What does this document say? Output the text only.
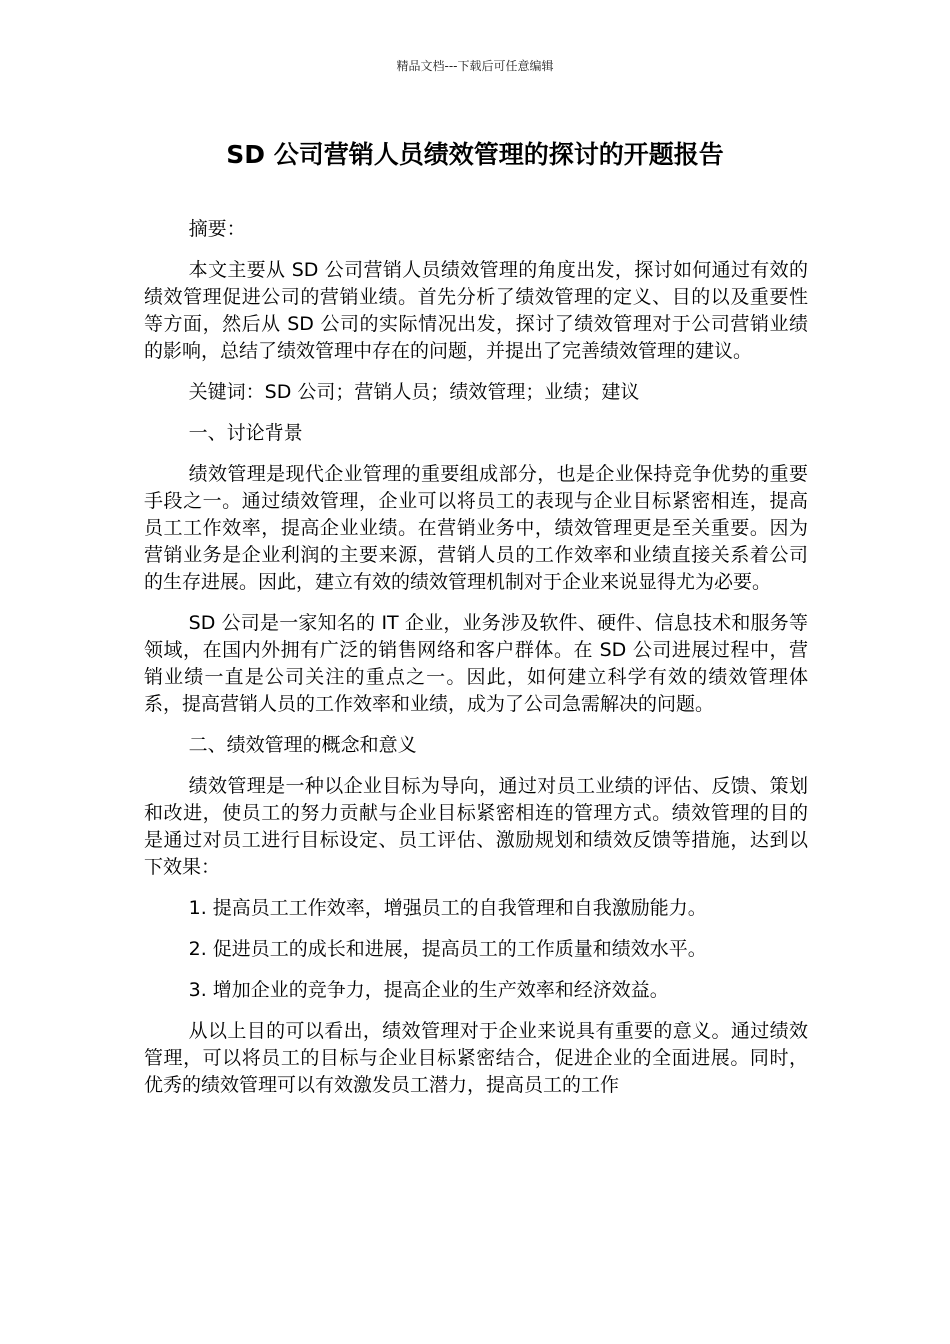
精品文档---下载后可任意编辑
SD 公司营销人员绩效管理的探讨的开题报告

摘要：

本文主要从 SD 公司营销人员绩效管理的角度出发，探讨如何通过有效的绩效管理促进公司的营销业绩。首先分析了绩效管理的定义、目的以及重要性等方面，然后从 SD 公司的实际情况出发，探讨了绩效管理对于公司营销业绩的影响，总结了绩效管理中存在的问题，并提出了完善绩效管理的建议。

关键词：SD 公司；营销人员；绩效管理；业绩；建议

一、讨论背景

绩效管理是现代企业管理的重要组成部分，也是企业保持竞争优势的重要手段之一。通过绩效管理，企业可以将员工的表现与企业目标紧密相连，提高员工工作效率，提高企业业绩。在营销业务中，绩效管理更是至关重要。因为营销业务是企业利润的主要来源，营销人员的工作效率和业绩直接关系着公司的生存进展。因此，建立有效的绩效管理机制对于企业来说显得尤为必要。

SD 公司是一家知名的 IT 企业，业务涉及软件、硬件、信息技术和服务等领域，在国内外拥有广泛的销售网络和客户群体。在 SD 公司进展过程中，营销业绩一直是公司关注的重点之一。因此，如何建立科学有效的绩效管理体系，提高营销人员的工作效率和业绩，成为了公司急需解决的问题。

二、绩效管理的概念和意义

绩效管理是一种以企业目标为导向，通过对员工业绩的评估、反馈、策划和改进，使员工的努力贡献与企业目标紧密相连的管理方式。绩效管理的目的是通过对员工进行目标设定、员工评估、激励规划和绩效反馈等措施，达到以下效果：

1. 提高员工工作效率，增强员工的自我管理和自我激励能力。

2. 促进员工的成长和进展，提高员工的工作质量和绩效水平。

3. 增加企业的竞争力，提高企业的生产效率和经济效益。

从以上目的可以看出，绩效管理对于企业来说具有重要的意义。通过绩效管理，可以将员工的目标与企业目标紧密结合，促进企业的全面进展。同时，优秀的绩效管理可以有效激发员工潜力，提高员工的工作
